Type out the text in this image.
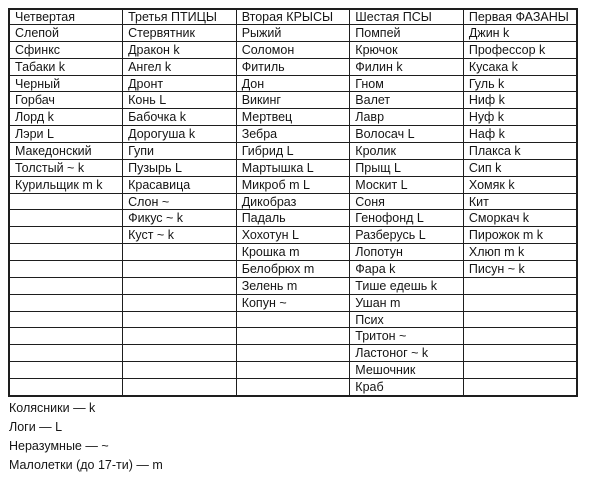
Четвертая	Третья ПТИЦЫ	Вторая КРЫСЫ	Шестая ПСЫ	Первая ФАЗАНЫ
Слепой	Стервятник	Рыжий	Помпей	Джин k
Сфинкс	Дракон k	Соломон	Крючок	Профессор k
Табаки k	Ангел k	Фитиль	Филин k	Кусака k
Черный	Дронт	Дон	Гном	Гуль k
Горбач	Конь L	Викинг	Валет	Ниф k
Лорд k	Бабочка k	Мертвец	Лавр	Нуф k
Лэри L	Дорогуша k	Зебра	Волосач L	Наф k
Македонский	Гупи	Гибрид L	Кролик	Плакса k
Толстый ~ k	Пузырь L	Мартышка L	Прыщ L	Сип k
Курильщик m k	Красавица	Микроб m L	Москит L	Хомяк k
	Слон ~	Дикобраз	Соня	Кит
	Фикус ~ k	Падаль	Генофонд L	Сморкач k
	Куст ~ k	Хохотун L	Разберусь L	Пирожок m k
		Крошка m	Лопотун	Хлюп m k
		Белобрюх m	Фара k	Писун ~ k
		Зелень m	Тише едешь k	
		Копун ~	Ушан m	
			Псих	
			Тритон ~	
			Ластоног ~ k	
			Мешочник	
			Краб	
Колясники — k
Логи — L
Неразумные — ~
Малолетки (до 17-ти) — m
